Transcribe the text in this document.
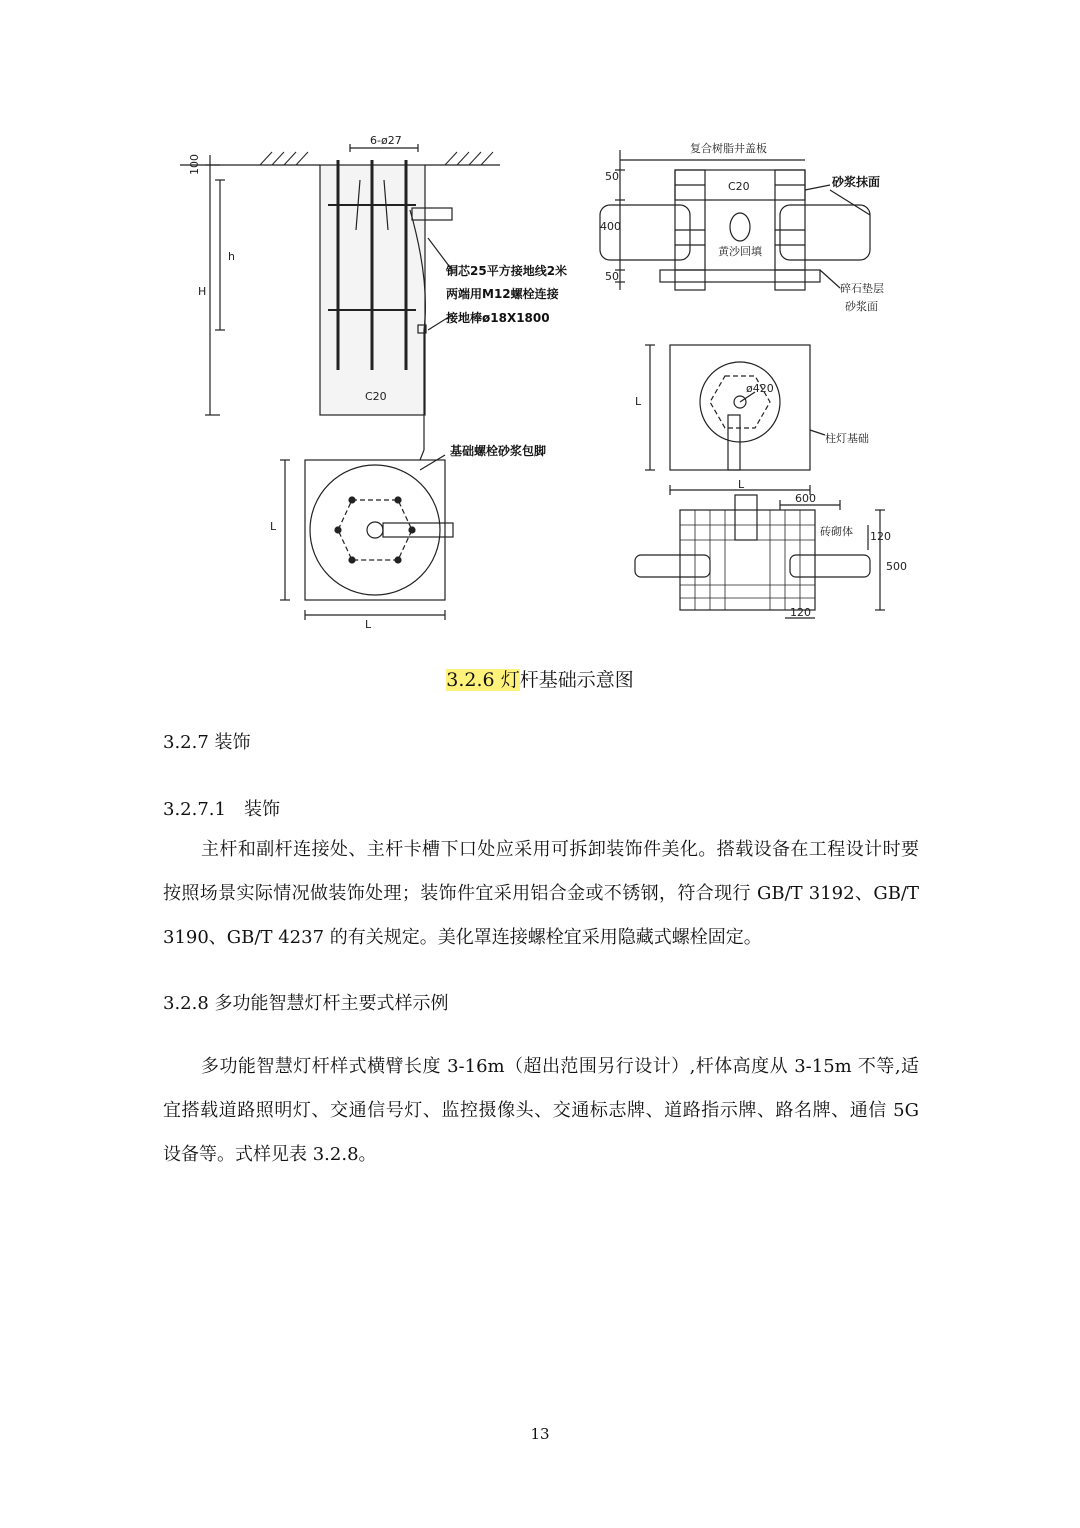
6-ø27
100
h
H
C20
铜芯25平方接地线2米
两端用M12螺栓连接
接地棒ø18X1800
基础螺栓砂浆包脚
L
L
复合树脂井盖板
砂浆抹面
C20
黄沙回填
碎石垫层
砂浆面
50
400
50
L
L
ø420
柱灯基础
600
砖砌体 120
500
120
3.2.6 灯杆基础示意图
3.2.7 装饰
3.2.7.1　装饰
主杆和副杆连接处、主杆卡槽下口处应采用可拆卸装饰件美化。搭载设备在工程设计时要按照场景实际情况做装饰处理；装饰件宜采用铝合金或不锈钢，符合现行 GB/T 3192、GB/T 3190、GB/T 4237 的有关规定。美化罩连接螺栓宜采用隐藏式螺栓固定。
3.2.8 多功能智慧灯杆主要式样示例
多功能智慧灯杆样式横臂长度 3-16m（超出范围另行设计）,杆体高度从 3-15m 不等,适宜搭载道路照明灯、交通信号灯、监控摄像头、交通标志牌、道路指示牌、路名牌、通信 5G 设备等。式样见表 3.2.8。
13
